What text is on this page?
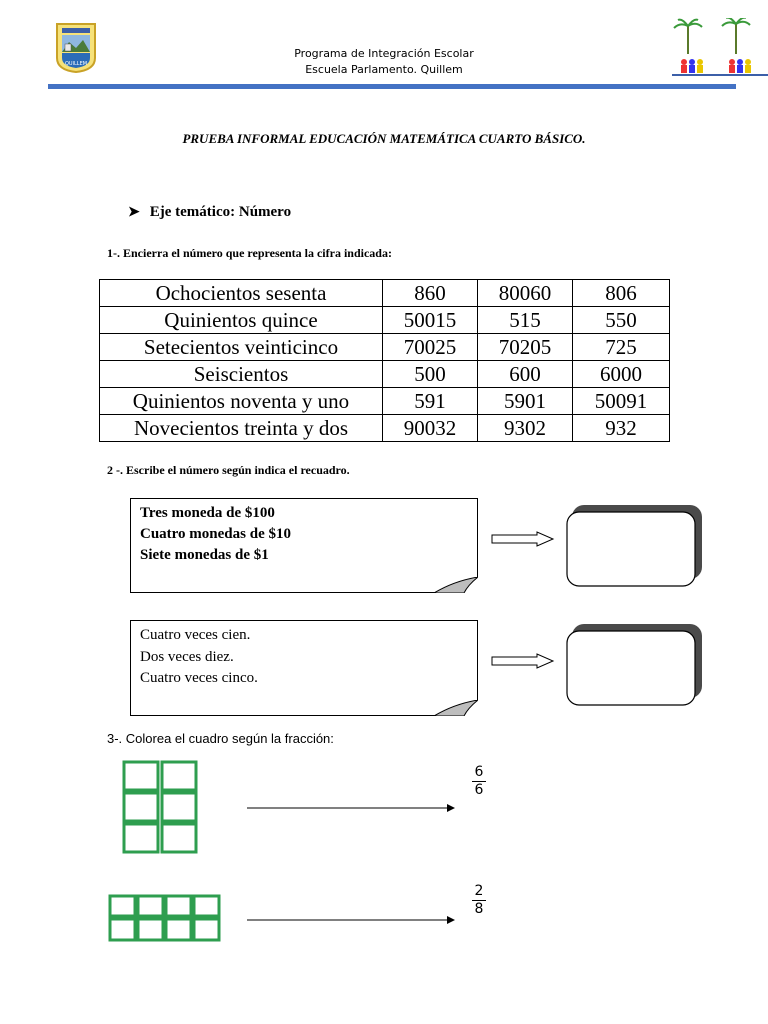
QUILLEM
Programa de Integración Escolar
Escuela Parlamento. Quillem
PRUEBA INFORMAL EDUCACIÓN MATEMÁTICA CUARTO BÁSICO.
➤ Eje temático: Número
1-. Encierra el número que representa la cifra indicada:
Ochocientos sesenta	860	80060	806
Quinientos quince	50015	515	550
Setecientos veinticinco	70025	70205	725
Seiscientos	500	600	6000
Quinientos noventa y uno	591	5901	50091
Novecientos treinta y dos	90032	9302	932
2 -. Escribe el número según indica el recuadro.
Tres moneda de $100
Cuatro monedas de $10
Siete monedas de $1
Cuatro veces cien.
Dos veces diez.
Cuatro veces cinco.
3-. Colorea el cuadro según la fracción:
6
6
2
8
